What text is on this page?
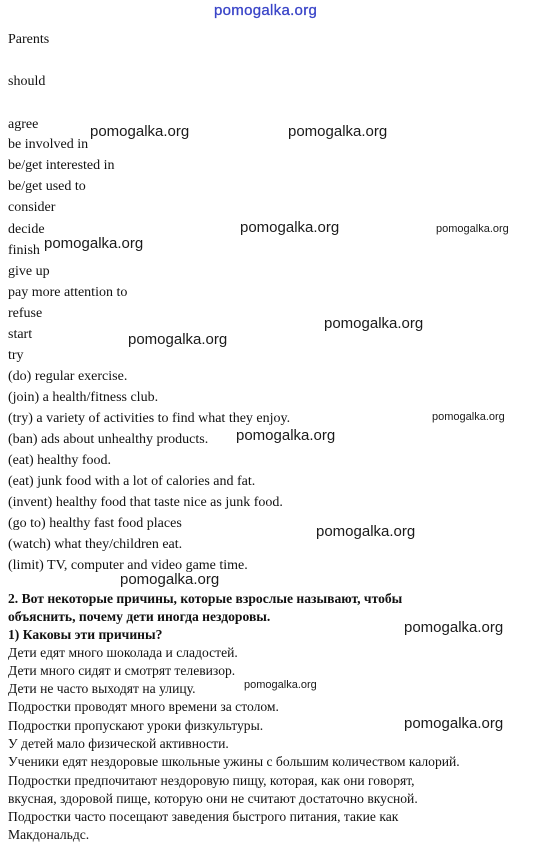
pomogalka.org
Parents
should
agree
be involved in
be/get interested in
be/get used to
consider
decide
finish
give up
pay more attention to
refuse
start
try
(do) regular exercise.
(join) a health/fitness club.
(try) a variety of activities to find what they enjoy.
(ban) ads about unhealthy products.
(eat) healthy food.
(eat) junk food with a lot of calories and fat.
(invent) healthy food that taste nice as junk food.
(go to) healthy fast food places
(watch) what they/children eat.
(limit) TV, computer and video game time.
2. Вот некоторые причины, которые взрослые называют, чтобы
объяснить, почему дети иногда нездоровы.
1) Каковы эти причины?
Дети едят много шоколада и сладостей.
Дети много сидят и смотрят телевизор.
Дети не часто выходят на улицу.
Подростки проводят много времени за столом.
Подростки пропускают уроки физкультуры.
У детей мало физической активности.
Ученики едят нездоровые школьные ужины с большим количеством калорий.
Подростки предпочитают нездоровую пищу, которая, как они говорят,
вкусная, здоровой пище, которую они не считают достаточно вкусной.
Подростки часто посещают заведения быстрого питания, такие как
Макдональдс.
pomogalka.org	pomogalka.org
pomogalka.org	pomogalka.org
pomogalka.org
pomogalka.org
pomogalka.org
pomogalka.org
pomogalka.org
pomogalka.org
pomogalka.org
pomogalka.org
pomogalka.org
pomogalka.org
